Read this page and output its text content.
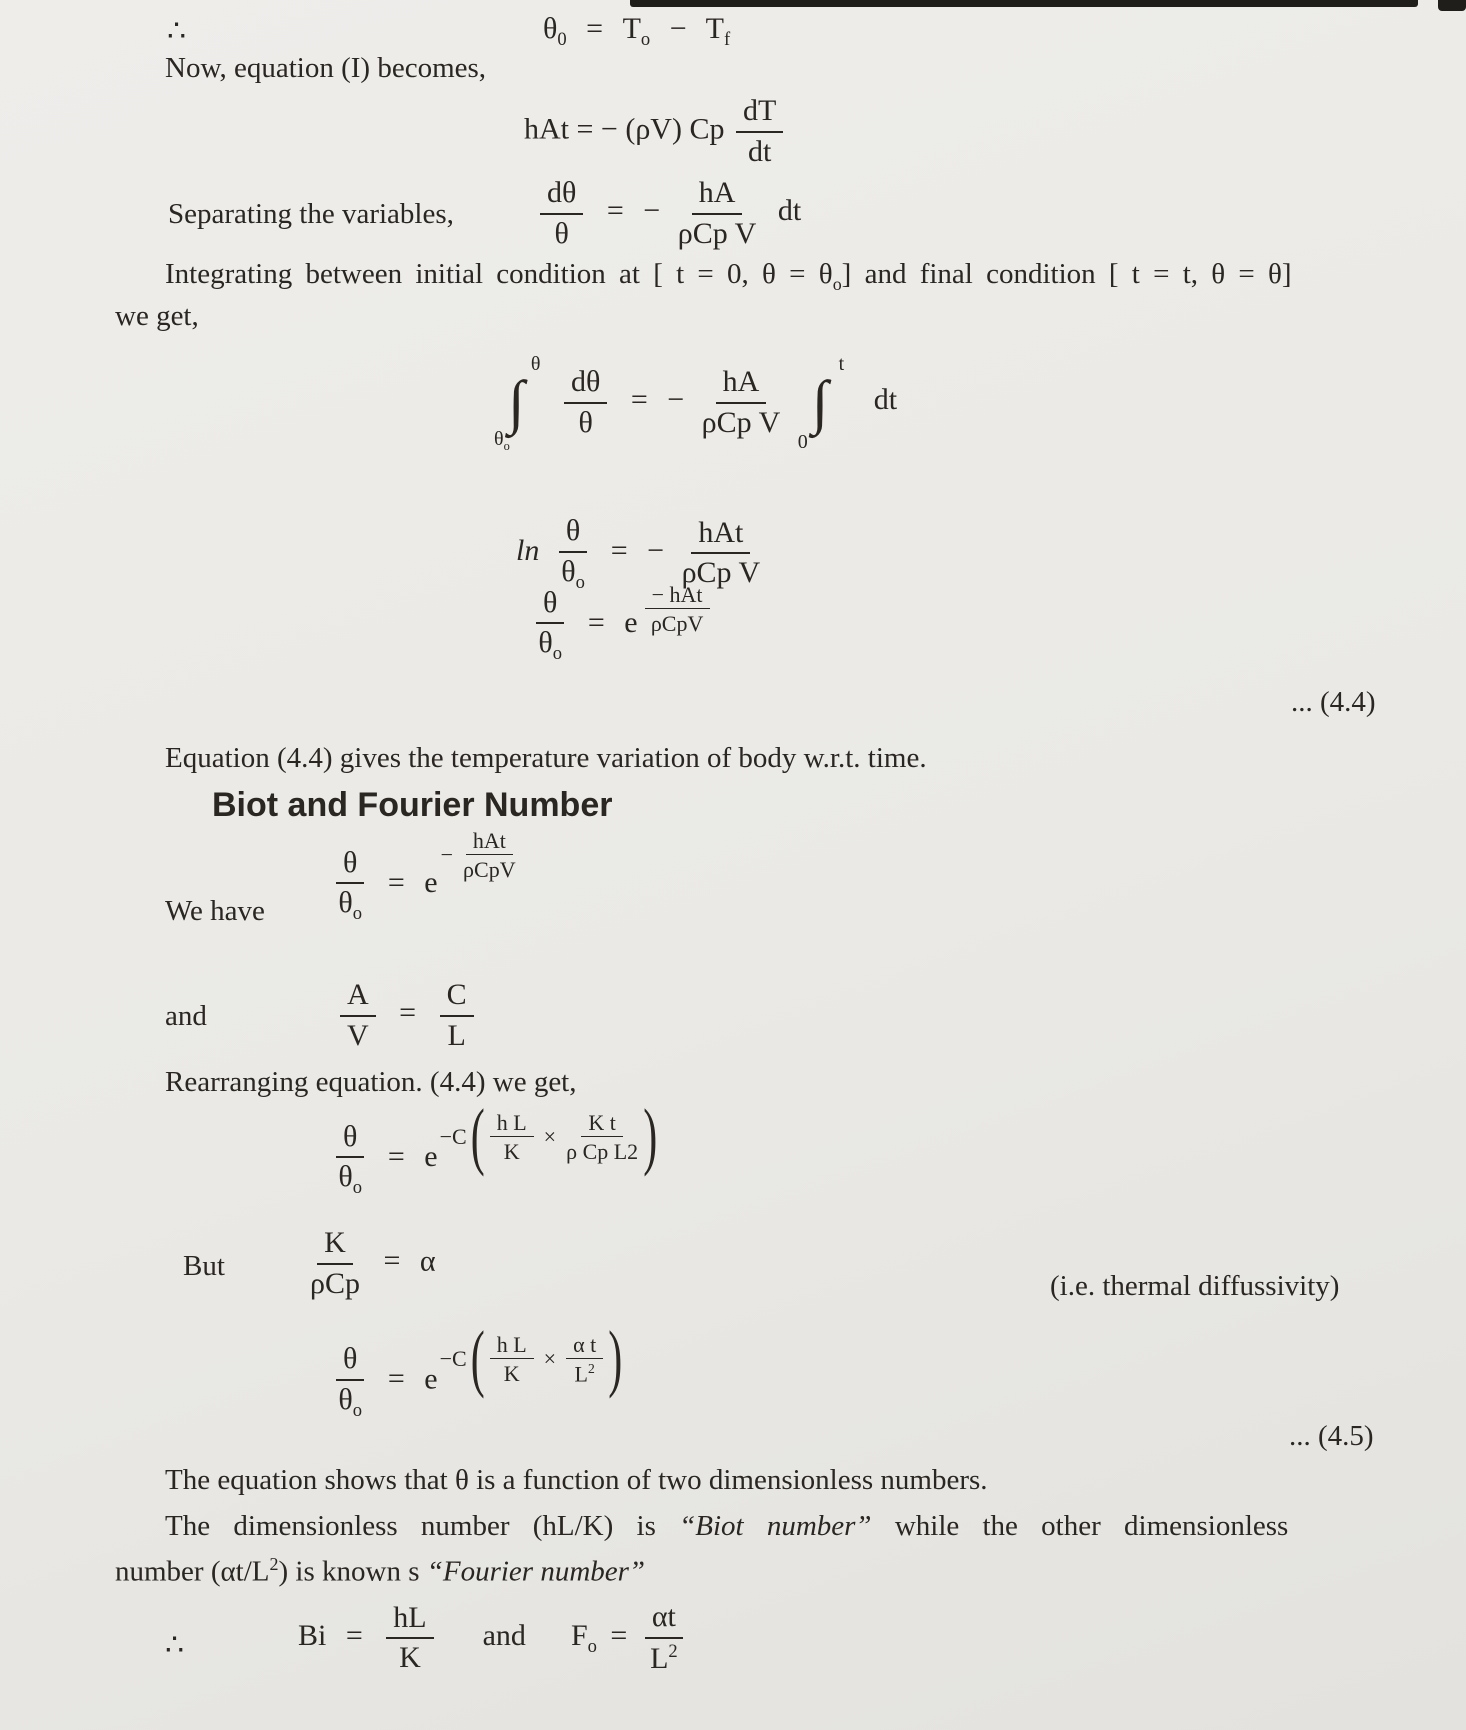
∴	$\theta_0 = T_o - T_f$
Now, equation (I) becomes,
hAt = − (ρV) Cp $\frac{dT}{dt}$
Separating the variables,	$\frac{d\theta}{\theta}$ = − $\frac{hA}{\text{ρCp V}}$ dt
Integrating between initial condition at [ t = 0, $\theta = \theta_o$] and final condition [ t = t, θ = θ]
we get,
∫
θ
$\theta_o$

$\frac{d\theta}{\theta}$ = − $\frac{hA}{\text{ρCp V}}$ ∫
t
0
dt
$\ln \frac{\theta}{\theta_o}$ = − $\frac{\text{hAt}}{\text{ρCp V}}$
$\frac{\theta}{\theta_o} = e \frac{\text{− hAt}}{\text{ρCpV}}$
... (4.4)
Equation (4.4) gives the temperature variation of body w.r.t. time.
Biot and Fourier Number
We have $\frac{\theta}{\theta_o} = e$
− $\frac{\text{hAt}}{\text{ρCpV}}$
and	$\frac{A}{V} = \frac{C}{L}$
Rearranging equation. (4.4) we get,
$\frac{\theta}{\theta_o} = e$
−C ( $\frac{\text{h L}}{K} \times \frac{\text{K t}}{\text{ρ Cp L2}}$ )
But	$\frac{K}{\text{ρCp}} = \alpha$
(i.e. thermal diffussivity)
$\frac{\theta}{\theta_o} = e$
−C ( $\frac{\text{h L}}{K} \times \frac{\text{α t}}{L^2}$ )
... (4.5)
The equation shows that θ is a function of two dimensionless numbers.
The dimensionless number (hL/K) is “Biot number” while the other dimensionless
number $(\alpha t/L^2)$ is known s “Fourier number”
∴	$Bi = \frac{hL}{K}$ and $F_o = \frac{\alpha t}{L^2}$
